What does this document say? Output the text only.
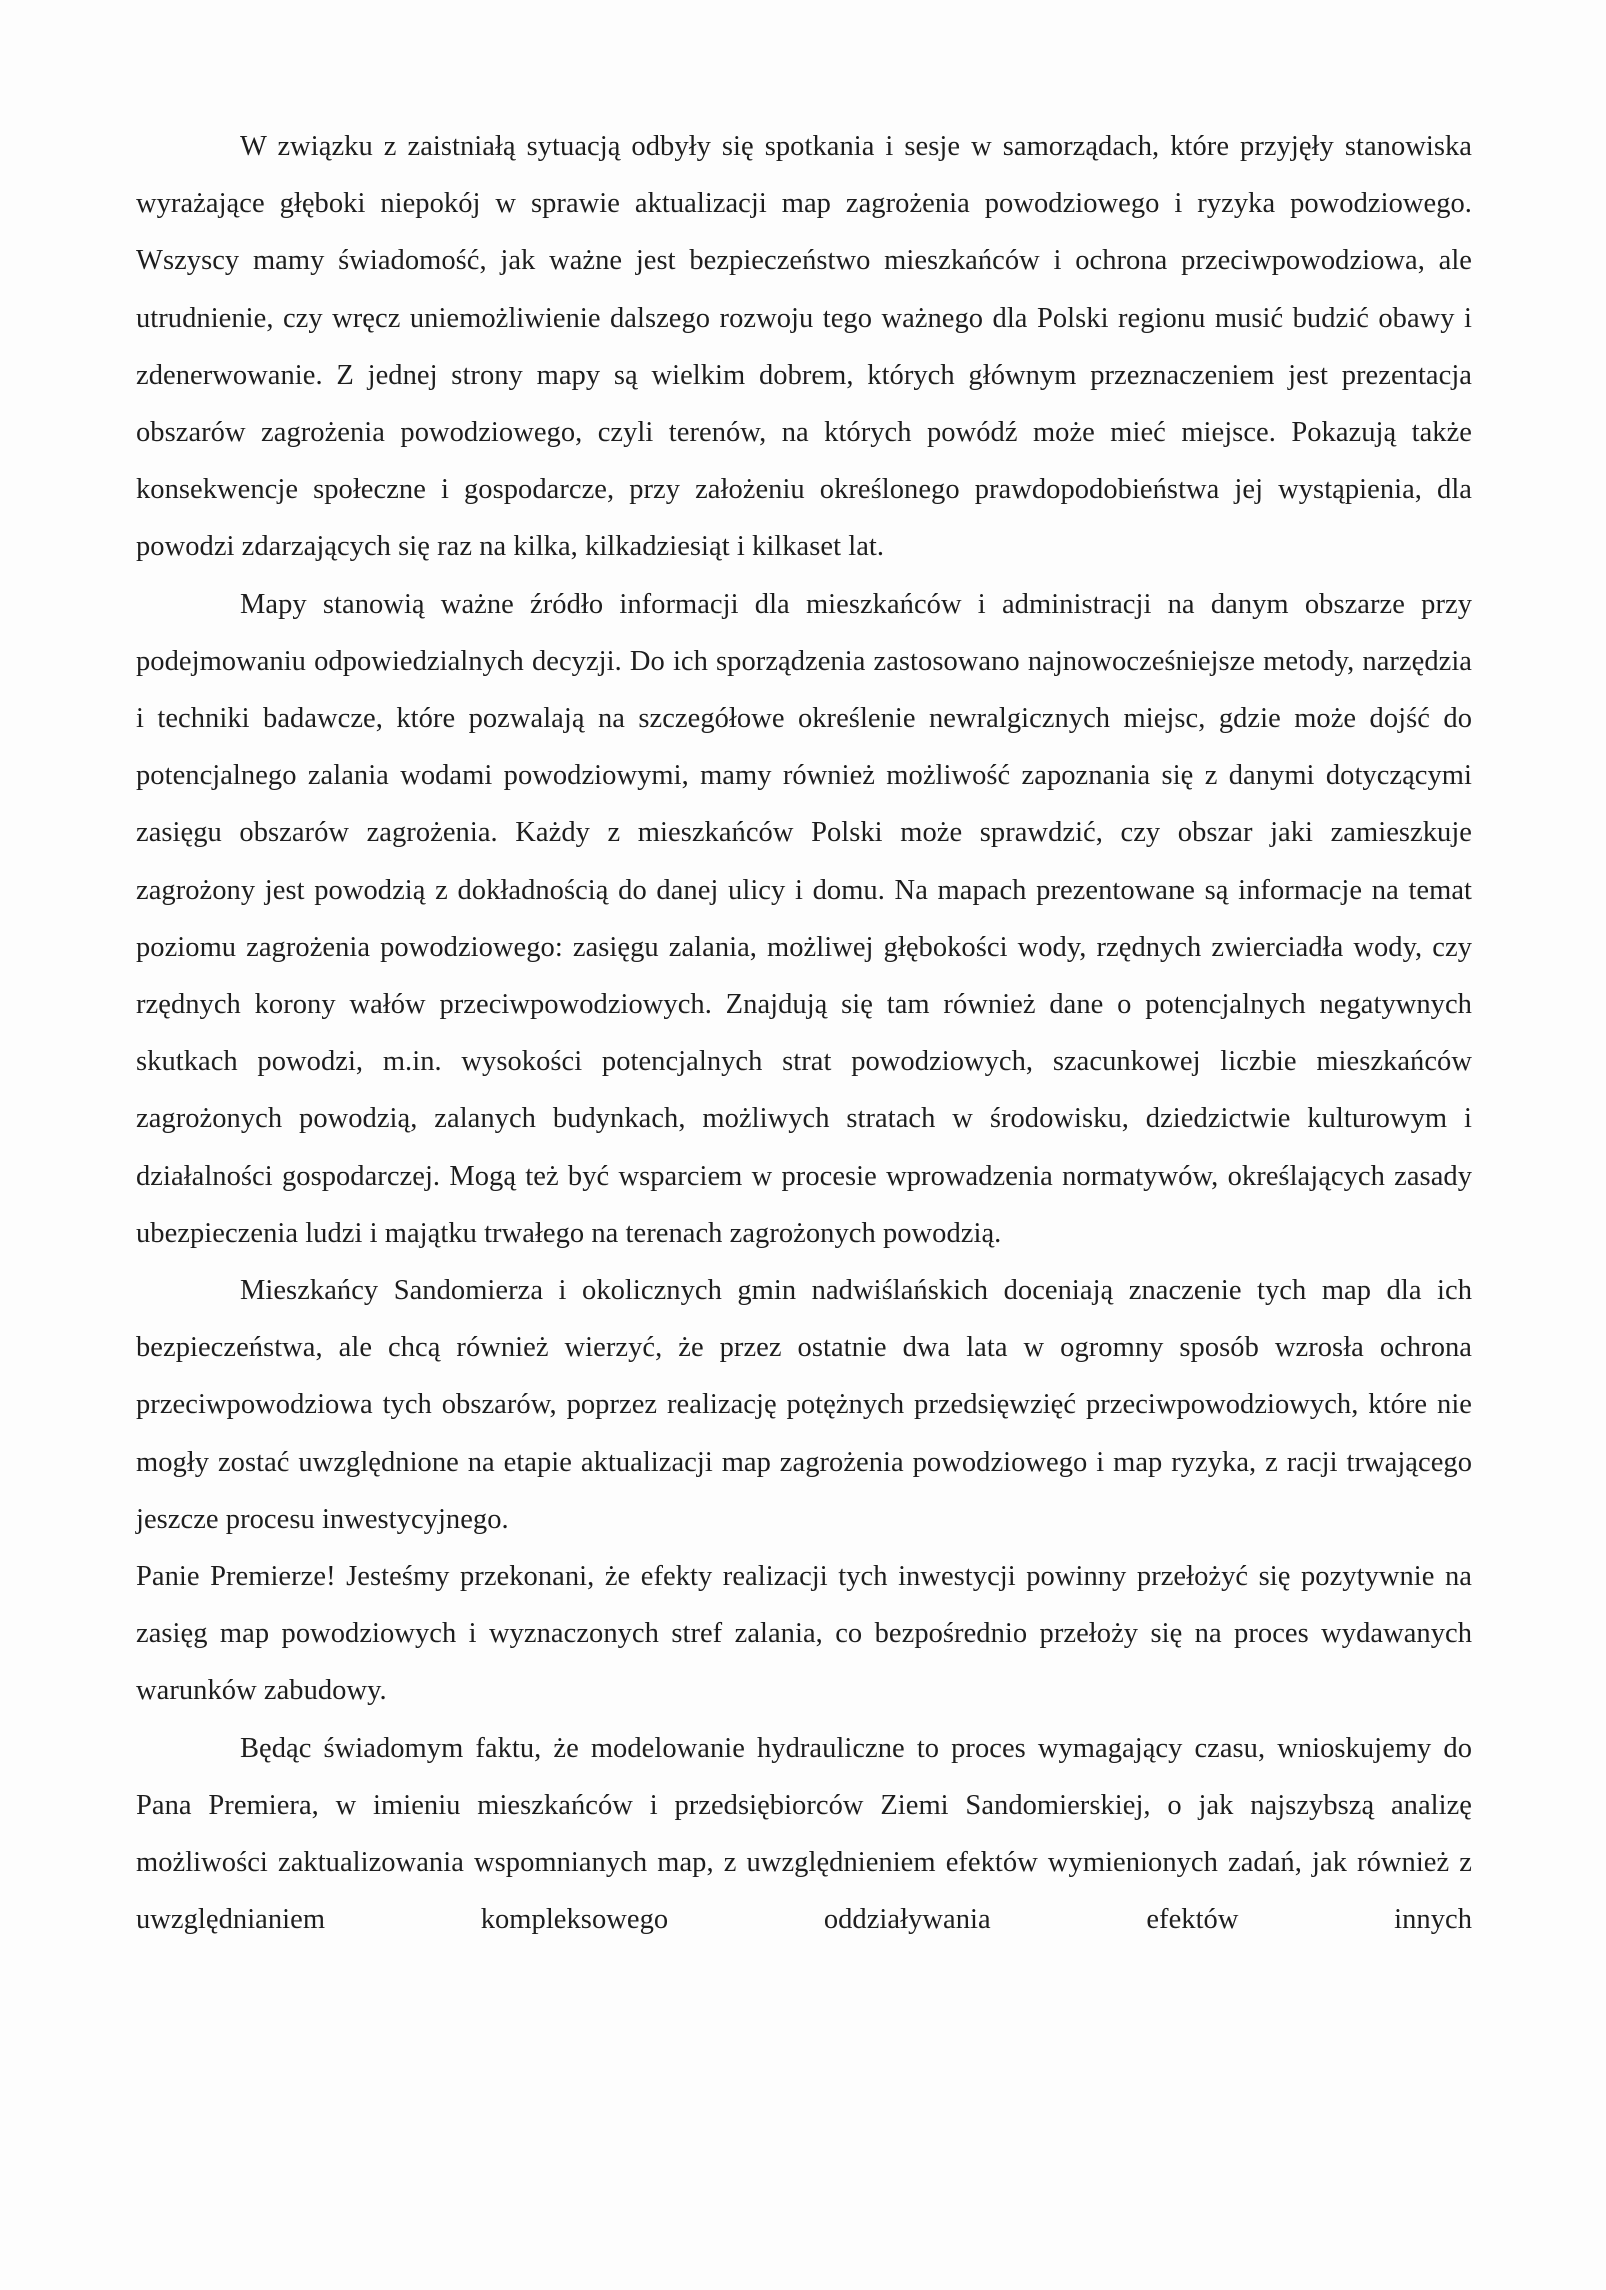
W związku z zaistniałą sytuacją odbyły się spotkania i sesje w samorządach, które przyjęły stanowiska wyrażające głęboki niepokój w sprawie aktualizacji map zagrożenia powodziowego i ryzyka powodziowego. Wszyscy mamy świadomość, jak ważne jest bezpieczeństwo mieszkańców i ochrona przeciwpowodziowa, ale utrudnienie, czy wręcz uniemożliwienie dalszego rozwoju tego ważnego dla Polski regionu musić budzić obawy i zdenerwowanie. Z jednej strony mapy są wielkim dobrem, których głównym przeznaczeniem jest prezentacja obszarów zagrożenia powodziowego, czyli terenów, na których powódź może mieć miejsce. Pokazują także konsekwencje społeczne i gospodarcze, przy założeniu określonego prawdopodobieństwa jej wystąpienia, dla powodzi zdarzających się raz na kilka, kilkadziesiąt i kilkaset lat.

Mapy stanowią ważne źródło informacji dla mieszkańców i administracji na danym obszarze przy podejmowaniu odpowiedzialnych decyzji. Do ich sporządzenia zastosowano najnowocześniejsze metody, narzędzia i techniki badawcze, które pozwalają na szczegółowe określenie newralgicznych miejsc, gdzie może dojść do potencjalnego zalania wodami powodziowymi, mamy również możliwość zapoznania się z danymi dotyczącymi zasięgu obszarów zagrożenia. Każdy z mieszkańców Polski może sprawdzić, czy obszar jaki zamieszkuje zagrożony jest powodzią z dokładnością do danej ulicy i domu. Na mapach prezentowane są informacje na temat poziomu zagrożenia powodziowego: zasięgu zalania, możliwej głębokości wody, rzędnych zwierciadła wody, czy rzędnych korony wałów przeciwpowodziowych. Znajdują się tam również dane o potencjalnych negatywnych skutkach powodzi, m.in. wysokości potencjalnych strat powodziowych, szacunkowej liczbie mieszkańców zagrożonych powodzią, zalanych budynkach, możliwych stratach w środowisku, dziedzictwie kulturowym i działalności gospodarczej. Mogą też być wsparciem w procesie wprowadzenia normatywów, określających zasady ubezpieczenia ludzi i majątku trwałego na terenach zagrożonych powodzią.

Mieszkańcy Sandomierza i okolicznych gmin nadwiślańskich doceniają znaczenie tych map dla ich bezpieczeństwa, ale chcą również wierzyć, że przez ostatnie dwa lata w ogromny sposób wzrosła ochrona przeciwpowodziowa tych obszarów, poprzez realizację potężnych przedsięwzięć przeciwpowodziowych, które nie mogły zostać uwzględnione na etapie aktualizacji map zagrożenia powodziowego i map ryzyka, z racji trwającego jeszcze procesu inwestycyjnego.

Panie Premierze! Jesteśmy przekonani, że efekty realizacji tych inwestycji powinny przełożyć się pozytywnie na zasięg map powodziowych i wyznaczonych stref zalania, co bezpośrednio przełoży się na proces wydawanych warunków zabudowy.

Będąc świadomym faktu, że modelowanie hydrauliczne to proces wymagający czasu, wnioskujemy do Pana Premiera, w imieniu mieszkańców i przedsiębiorców Ziemi Sandomierskiej, o jak najszybszą analizę możliwości zaktualizowania wspomnianych map, z uwzględnieniem efektów wymienionych zadań, jak również z uwzględnianiem kompleksowego oddziaływania efektów innych
